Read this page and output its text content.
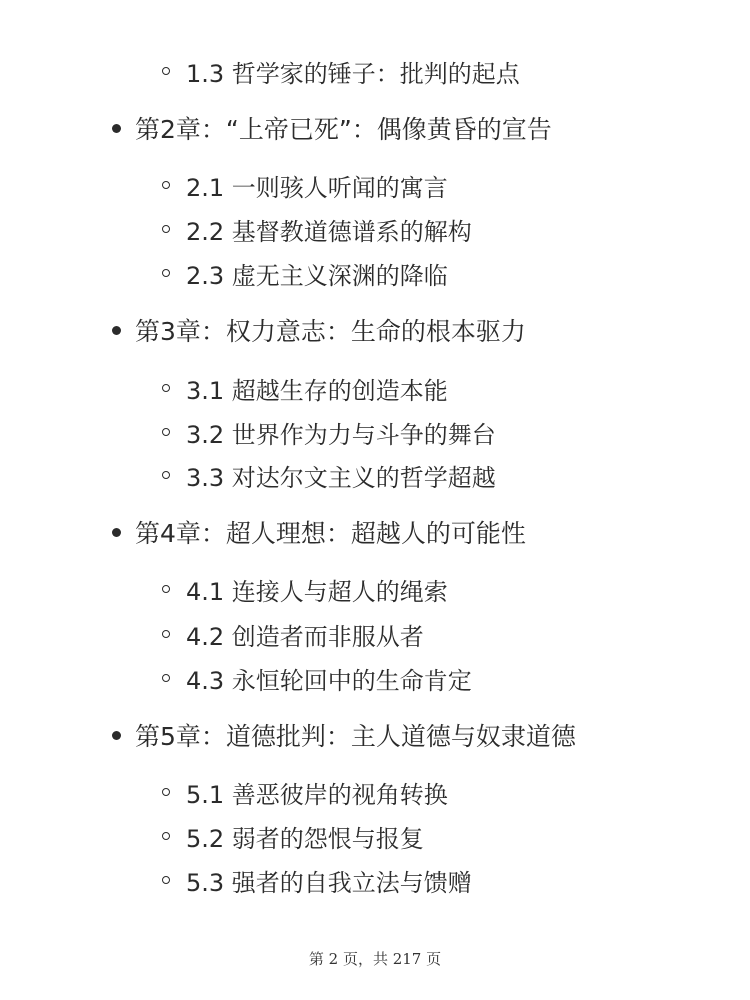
1.3 哲学家的锤子：批判的起点
第2章：“上帝已死”：偶像黄昏的宣告
2.1 一则骇人听闻的寓言
2.2 基督教道德谱系的解构
2.3 虚无主义深渊的降临
第3章：权力意志：生命的根本驱力
3.1 超越生存的创造本能
3.2 世界作为力与斗争的舞台
3.3 对达尔文主义的哲学超越
第4章：超人理想：超越人的可能性
4.1 连接人与超人的绳索
4.2 创造者而非服从者
4.3 永恒轮回中的生命肯定
第5章：道德批判：主人道德与奴隶道德
5.1 善恶彼岸的视角转换
5.2 弱者的怨恨与报复
5.3 强者的自我立法与馈赠
第 2 页，共 217 页
